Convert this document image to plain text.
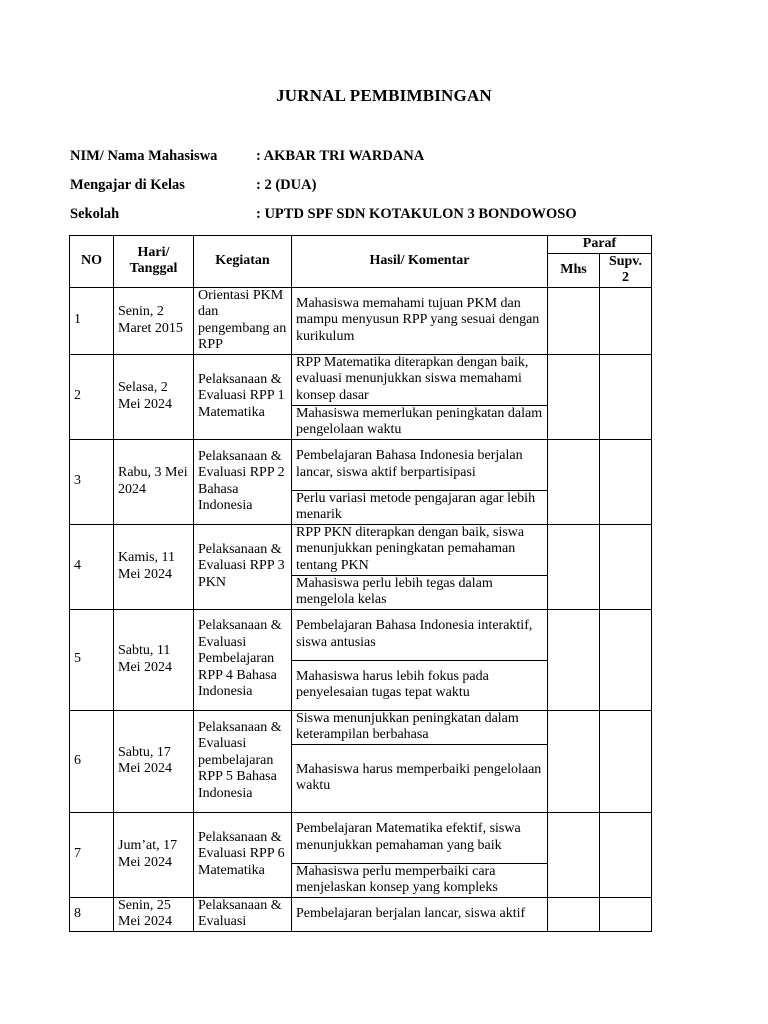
JURNAL PEMBIMBINGAN
NIM/ Nama Mahasiswa	: AKBAR TRI WARDANA
Mengajar di Kelas	: 2 (DUA)
Sekolah	: UPTD SPF SDN KOTAKULON 3 BONDOWOSO
NO	Hari/ Tanggal	Kegiatan	Hasil/ Komentar	Paraf	
				Mhs	Supv. 2
1	Senin, 2 Maret 2015	Orientasi PKM dan pengembang an RPP	Mahasiswa memahami tujuan PKM dan mampu menyusun RPP yang sesuai dengan kurikulum		
2	Selasa, 2 Mei 2024	Pelaksanaan & Evaluasi RPP 1 Matematika	RPP Matematika diterapkan dengan baik, evaluasi menunjukkan siswa memahami konsep dasar		
			Mahasiswa memerlukan peningkatan dalam pengelolaan waktu		
3	Rabu, 3 Mei 2024	Pelaksanaan & Evaluasi RPP 2 Bahasa Indonesia	Pembelajaran Bahasa Indonesia berjalan lancar, siswa aktif berpartisipasi		
			Perlu variasi metode pengajaran agar lebih menarik		
4	Kamis, 11 Mei 2024	Pelaksanaan & Evaluasi RPP 3 PKN	RPP PKN diterapkan dengan baik, siswa menunjukkan peningkatan pemahaman tentang PKN		
			Mahasiswa perlu lebih tegas dalam mengelola kelas		
5	Sabtu, 11 Mei 2024	Pelaksanaan & Evaluasi Pembelajaran RPP 4 Bahasa Indonesia	Pembelajaran Bahasa Indonesia interaktif, siswa antusias		
			Mahasiswa harus lebih fokus pada penyelesaian tugas tepat waktu		
6	Sabtu, 17 Mei 2024	Pelaksanaan & Evaluasi pembelajaran RPP 5 Bahasa Indonesia	Siswa menunjukkan peningkatan dalam keterampilan berbahasa		
			Mahasiswa harus memperbaiki pengelolaan waktu		
7	Jum’at, 17 Mei 2024	Pelaksanaan & Evaluasi RPP 6 Matematika	Pembelajaran Matematika efektif, siswa menunjukkan pemahaman yang baik		
			Mahasiswa perlu memperbaiki cara menjelaskan konsep yang kompleks		
8	Senin, 25 Mei 2024	Pelaksanaan & Evaluasi	Pembelajaran berjalan lancar, siswa aktif		
